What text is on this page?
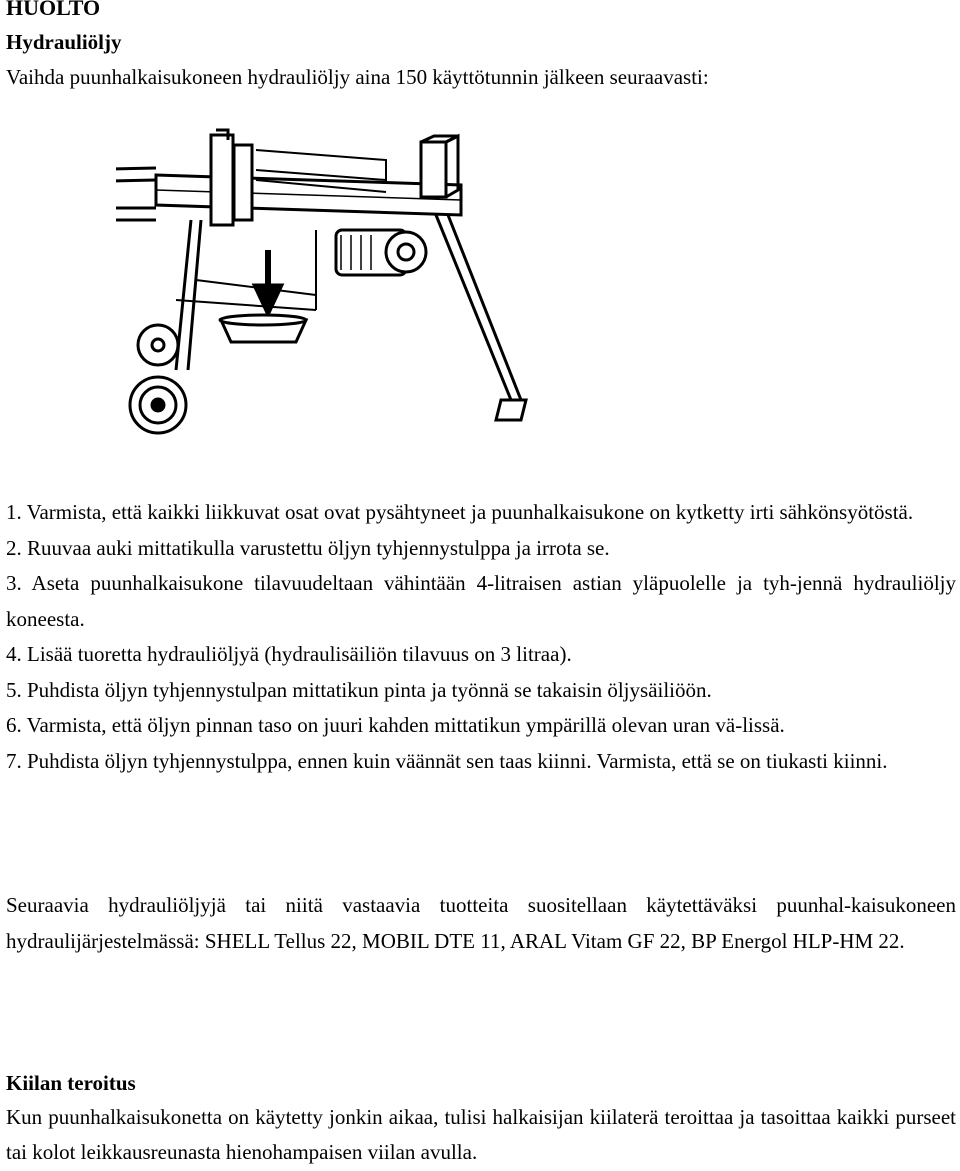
HUOLTO
Hydrauliöljy
Vaihda puunhalkaisukoneen hydrauliöljy aina 150 käyttötunnin jälkeen seuraavasti:

1. Varmista, että kaikki liikkuvat osat ovat pysähtyneet ja puunhalkaisukone on kytketty irti sähkönsyötöstä.

2. Ruuvaa auki mittatikulla varustettu öljyn tyhjennystulppa ja irrota se.

3. Aseta puunhalkaisukone tilavuudeltaan vähintään 4-litraisen astian yläpuolelle ja tyh-jennä hydrauliöljy koneesta.

4. Lisää tuoretta hydrauliöljyä (hydraulisäiliön tilavuus on 3 litraa).

5. Puhdista öljyn tyhjennystulpan mittatikun pinta ja työnnä se takaisin öljysäiliöön.

6. Varmista, että öljyn pinnan taso on juuri kahden mittatikun ympärillä olevan uran vä-lissä.

7. Puhdista öljyn tyhjennystulppa, ennen kuin väännät sen taas kiinni. Varmista, että se on tiukasti kiinni.

Seuraavia hydrauliöljyjä tai niitä vastaavia tuotteita suositellaan käytettäväksi puunhal-kaisukoneen hydraulijärjestelmässä: SHELL Tellus 22, MOBIL DTE 11, ARAL Vitam GF 22, BP Energol HLP-HM 22.

Kiilan teroitus

Kun puunhalkaisukonetta on käytetty jonkin aikaa, tulisi halkaisijan kiilaterä teroittaa ja tasoittaa kaikki purseet tai kolot leikkausreunasta hienohampaisen viilan avulla.
